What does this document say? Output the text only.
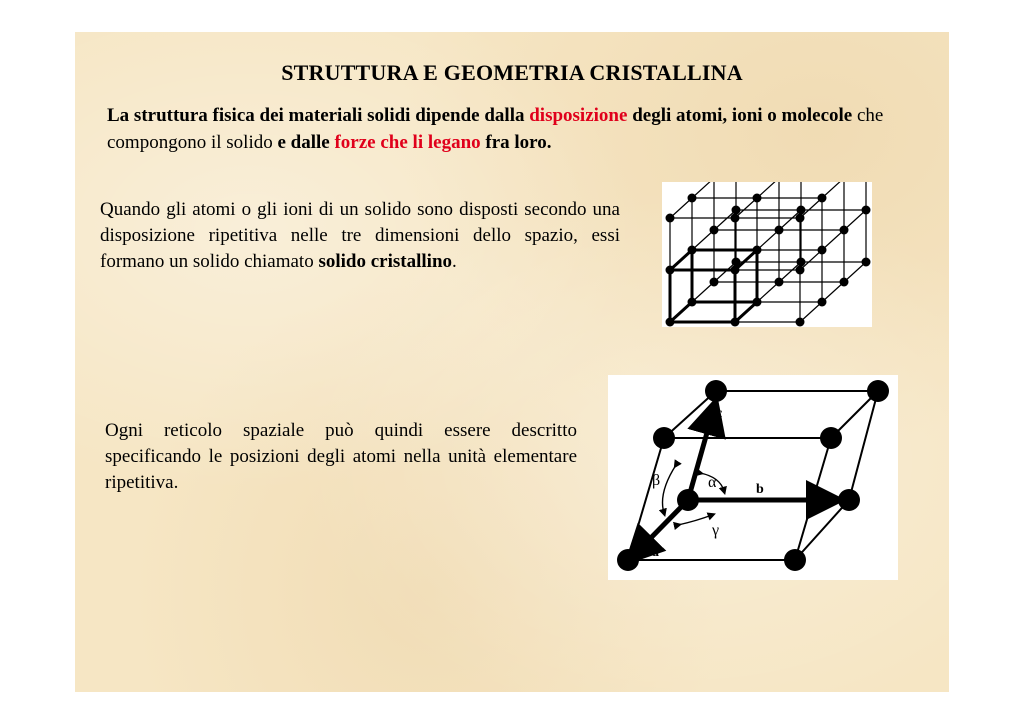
STRUTTURA E GEOMETRIA CRISTALLINA
La struttura fisica dei materiali solidi dipende dalla disposizione degli atomi, ioni o molecole che compongono il solido e dalle forze che li legano fra loro.
Quando gli atomi o gli ioni di un solido sono disposti secondo una disposizione ripetitiva nelle tre dimensioni dello spazio, essi formano un solido chiamato solido cristallino.
Ogni reticolo spaziale può quindi essere descritto specificando le posizioni degli atomi nella unità elementare ripetitiva.
c
b
a
α
β
γ
